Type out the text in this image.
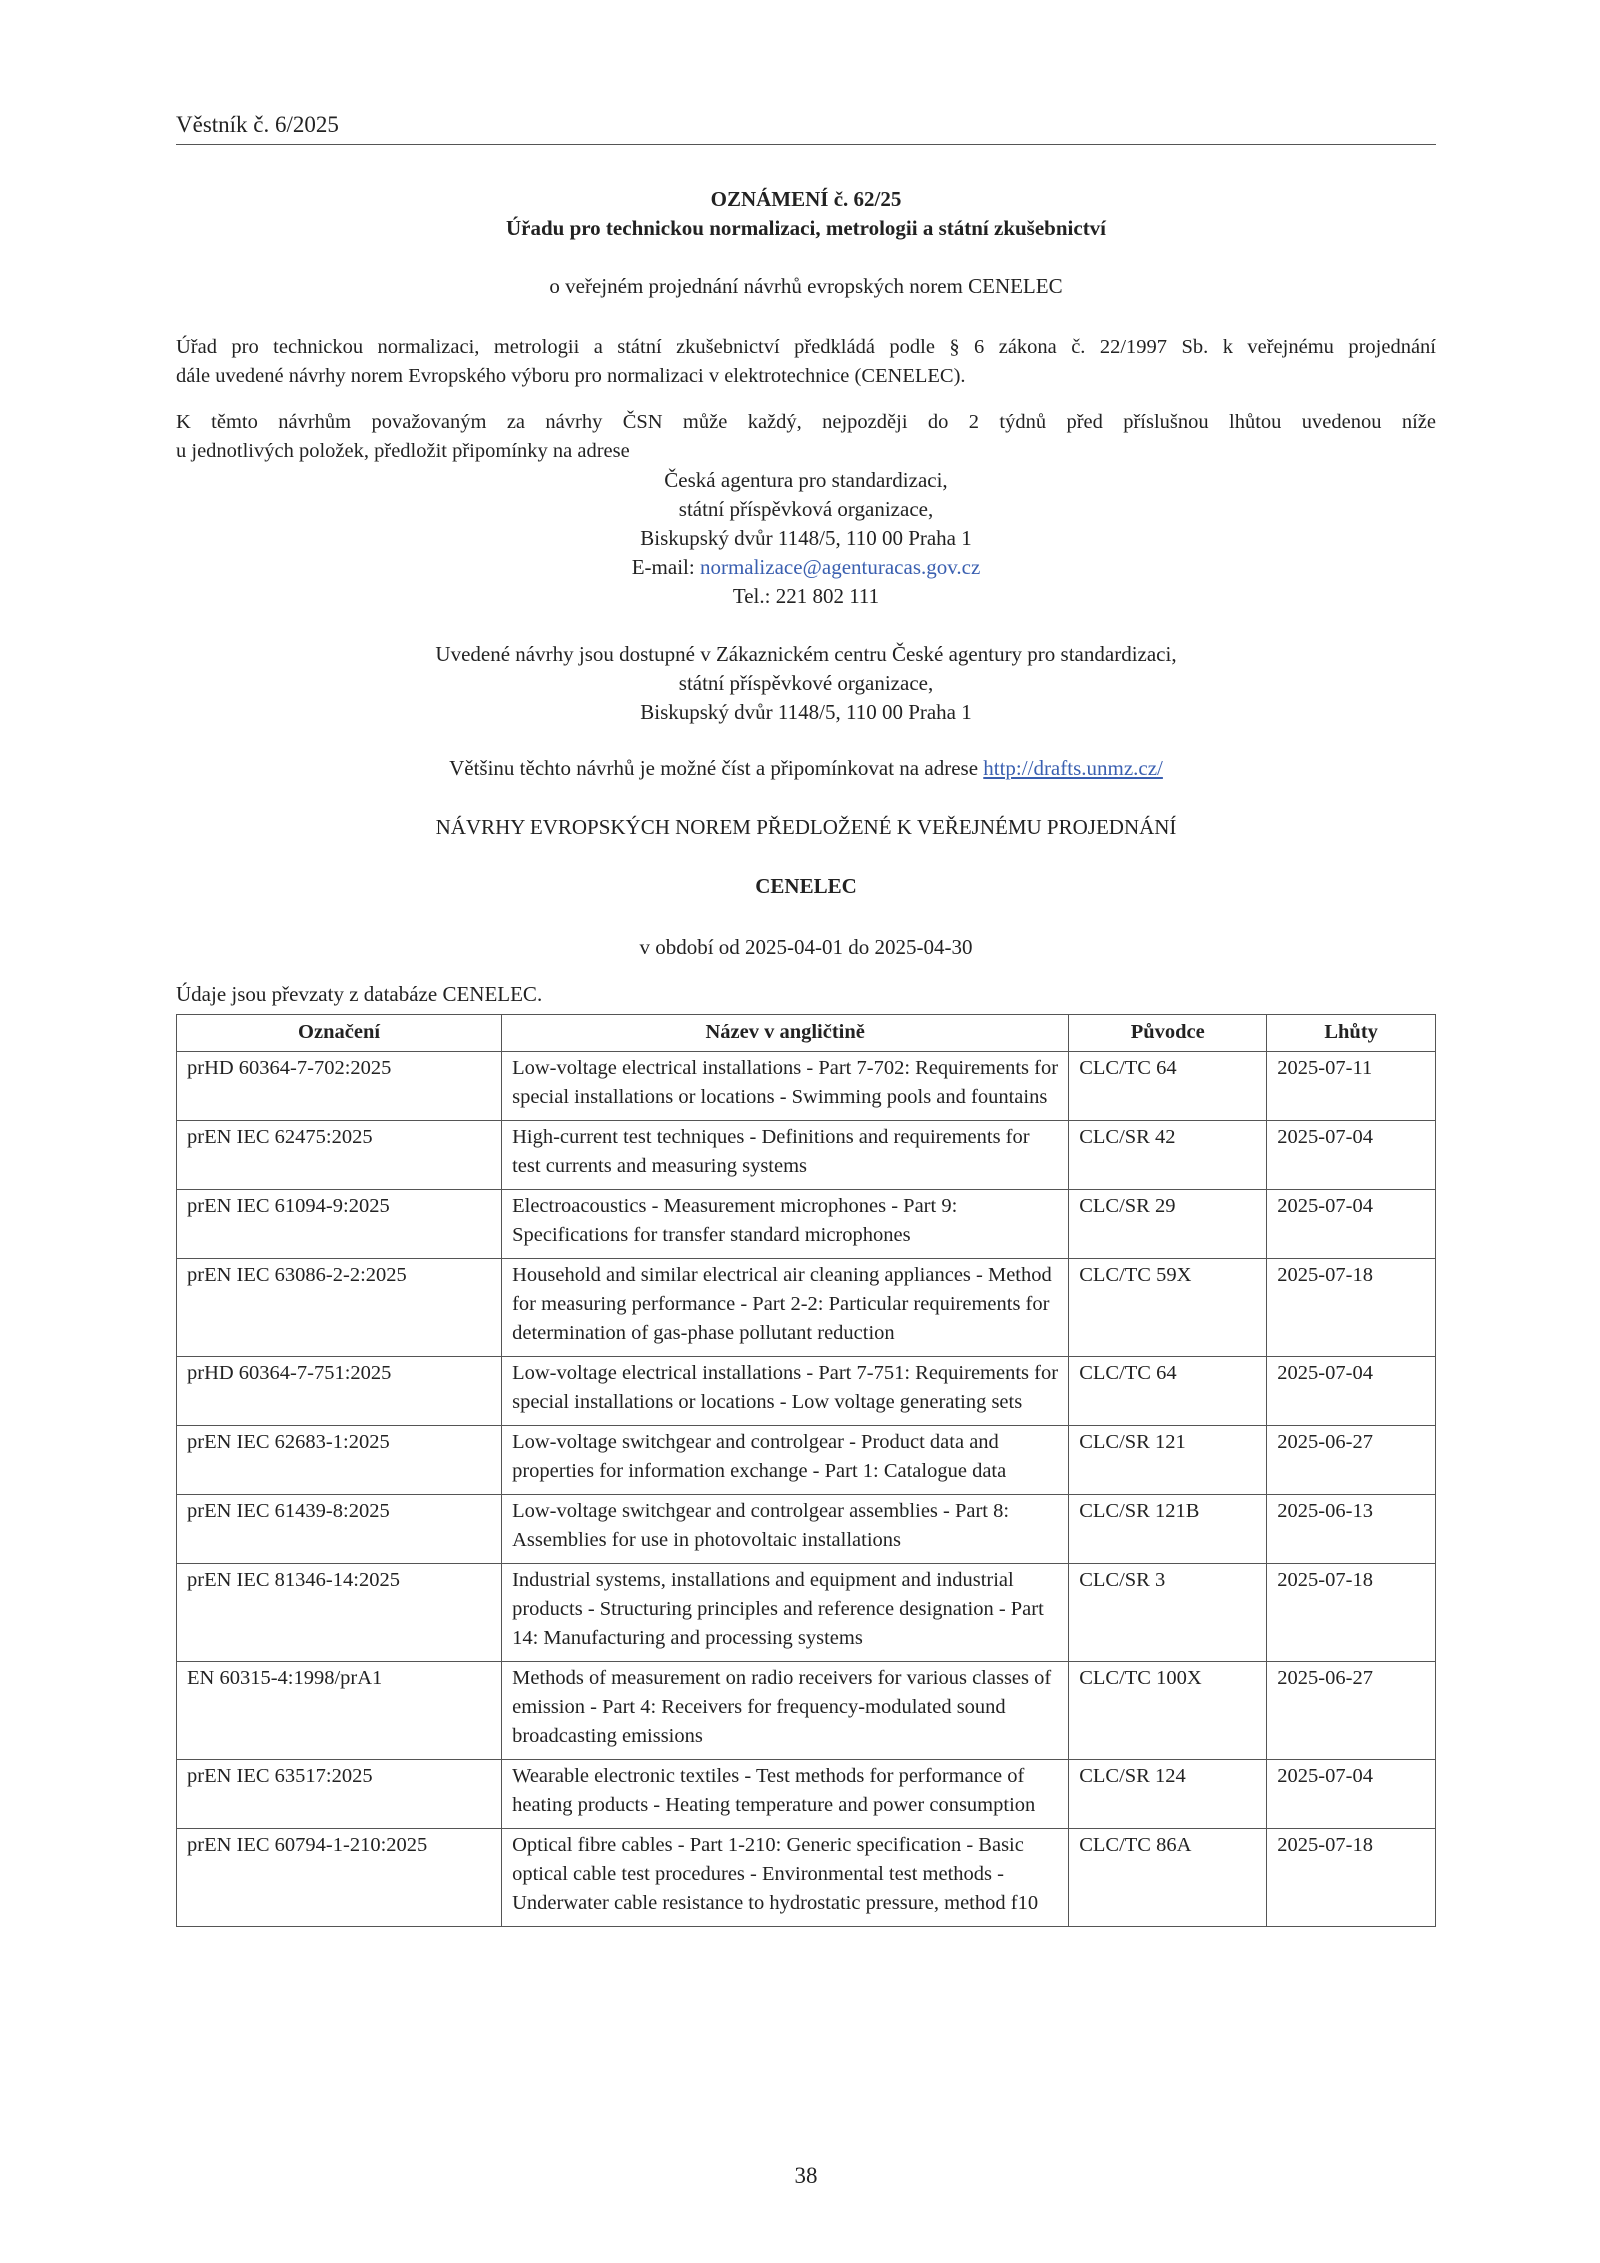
Věstník č. 6/2025
OZNÁMENÍ č. 62/25
Úřadu pro technickou normalizaci, metrologii a státní zkušebnictví
o veřejném projednání návrhů evropských norem CENELEC
Úřad pro technickou normalizaci, metrologii a státní zkušebnictví předkládá podle § 6 zákona č. 22/1997 Sb. k veřejnému projednání
dále uvedené návrhy norem Evropského výboru pro normalizaci v elektrotechnice (CENELEC).
K těmto návrhům považovaným za návrhy ČSN může každý, nejpozději do 2 týdnů před příslušnou lhůtou uvedenou níže
u jednotlivých položek, předložit připomínky na adrese
Česká agentura pro standardizaci,
státní příspěvková organizace,
Biskupský dvůr 1148/5, 110 00 Praha 1
E-mail: normalizace@agenturacas.gov.cz
Tel.: 221 802 111
Uvedené návrhy jsou dostupné v Zákaznickém centru České agentury pro standardizaci,
státní příspěvkové organizace,
Biskupský dvůr 1148/5, 110 00 Praha 1
Většinu těchto návrhů je možné číst a připomínkovat na adrese http://drafts.unmz.cz/
NÁVRHY EVROPSKÝCH NOREM PŘEDLOŽENÉ K VEŘEJNÉMU PROJEDNÁNÍ
CENELEC
v období od 2025-04-01 do 2025-04-30
Údaje jsou převzaty z databáze CENELEC.
Označení	Název v angličtině	Původce	Lhůty
prHD 60364-7-702:2025	Low-voltage electrical installations - Part 7-702: Requirements for special installations or locations - Swimming pools and fountains	CLC/TC 64	2025-07-11
prEN IEC 62475:2025	High-current test techniques - Definitions and requirements for test currents and measuring systems	CLC/SR 42	2025-07-04
prEN IEC 61094-9:2025	Electroacoustics - Measurement microphones - Part 9: Specifications for transfer standard microphones	CLC/SR 29	2025-07-04
prEN IEC 63086-2-2:2025	Household and similar electrical air cleaning appliances - Method for measuring performance - Part 2-2: Particular requirements for determination of gas-phase pollutant reduction	CLC/TC 59X	2025-07-18
prHD 60364-7-751:2025	Low-voltage electrical installations - Part 7-751: Requirements for special installations or locations - Low voltage generating sets	CLC/TC 64	2025-07-04
prEN IEC 62683-1:2025	Low-voltage switchgear and controlgear - Product data and properties for information exchange - Part 1: Catalogue data	CLC/SR 121	2025-06-27
prEN IEC 61439-8:2025	Low-voltage switchgear and controlgear assemblies - Part 8: Assemblies for use in photovoltaic installations	CLC/SR 121B	2025-06-13
prEN IEC 81346-14:2025	Industrial systems, installations and equipment and industrial products - Structuring principles and reference designation - Part 14: Manufacturing and processing systems	CLC/SR 3	2025-07-18
EN 60315-4:1998/prA1	Methods of measurement on radio receivers for various classes of emission - Part 4: Receivers for frequency-modulated sound broadcasting emissions	CLC/TC 100X	2025-06-27
prEN IEC 63517:2025	Wearable electronic textiles - Test methods for performance of heating products - Heating temperature and power consumption	CLC/SR 124	2025-07-04
prEN IEC 60794-1-210:2025	Optical fibre cables - Part 1-210: Generic specification - Basic optical cable test procedures - Environmental test methods - Underwater cable resistance to hydrostatic pressure, method f10	CLC/TC 86A	2025-07-18
38
